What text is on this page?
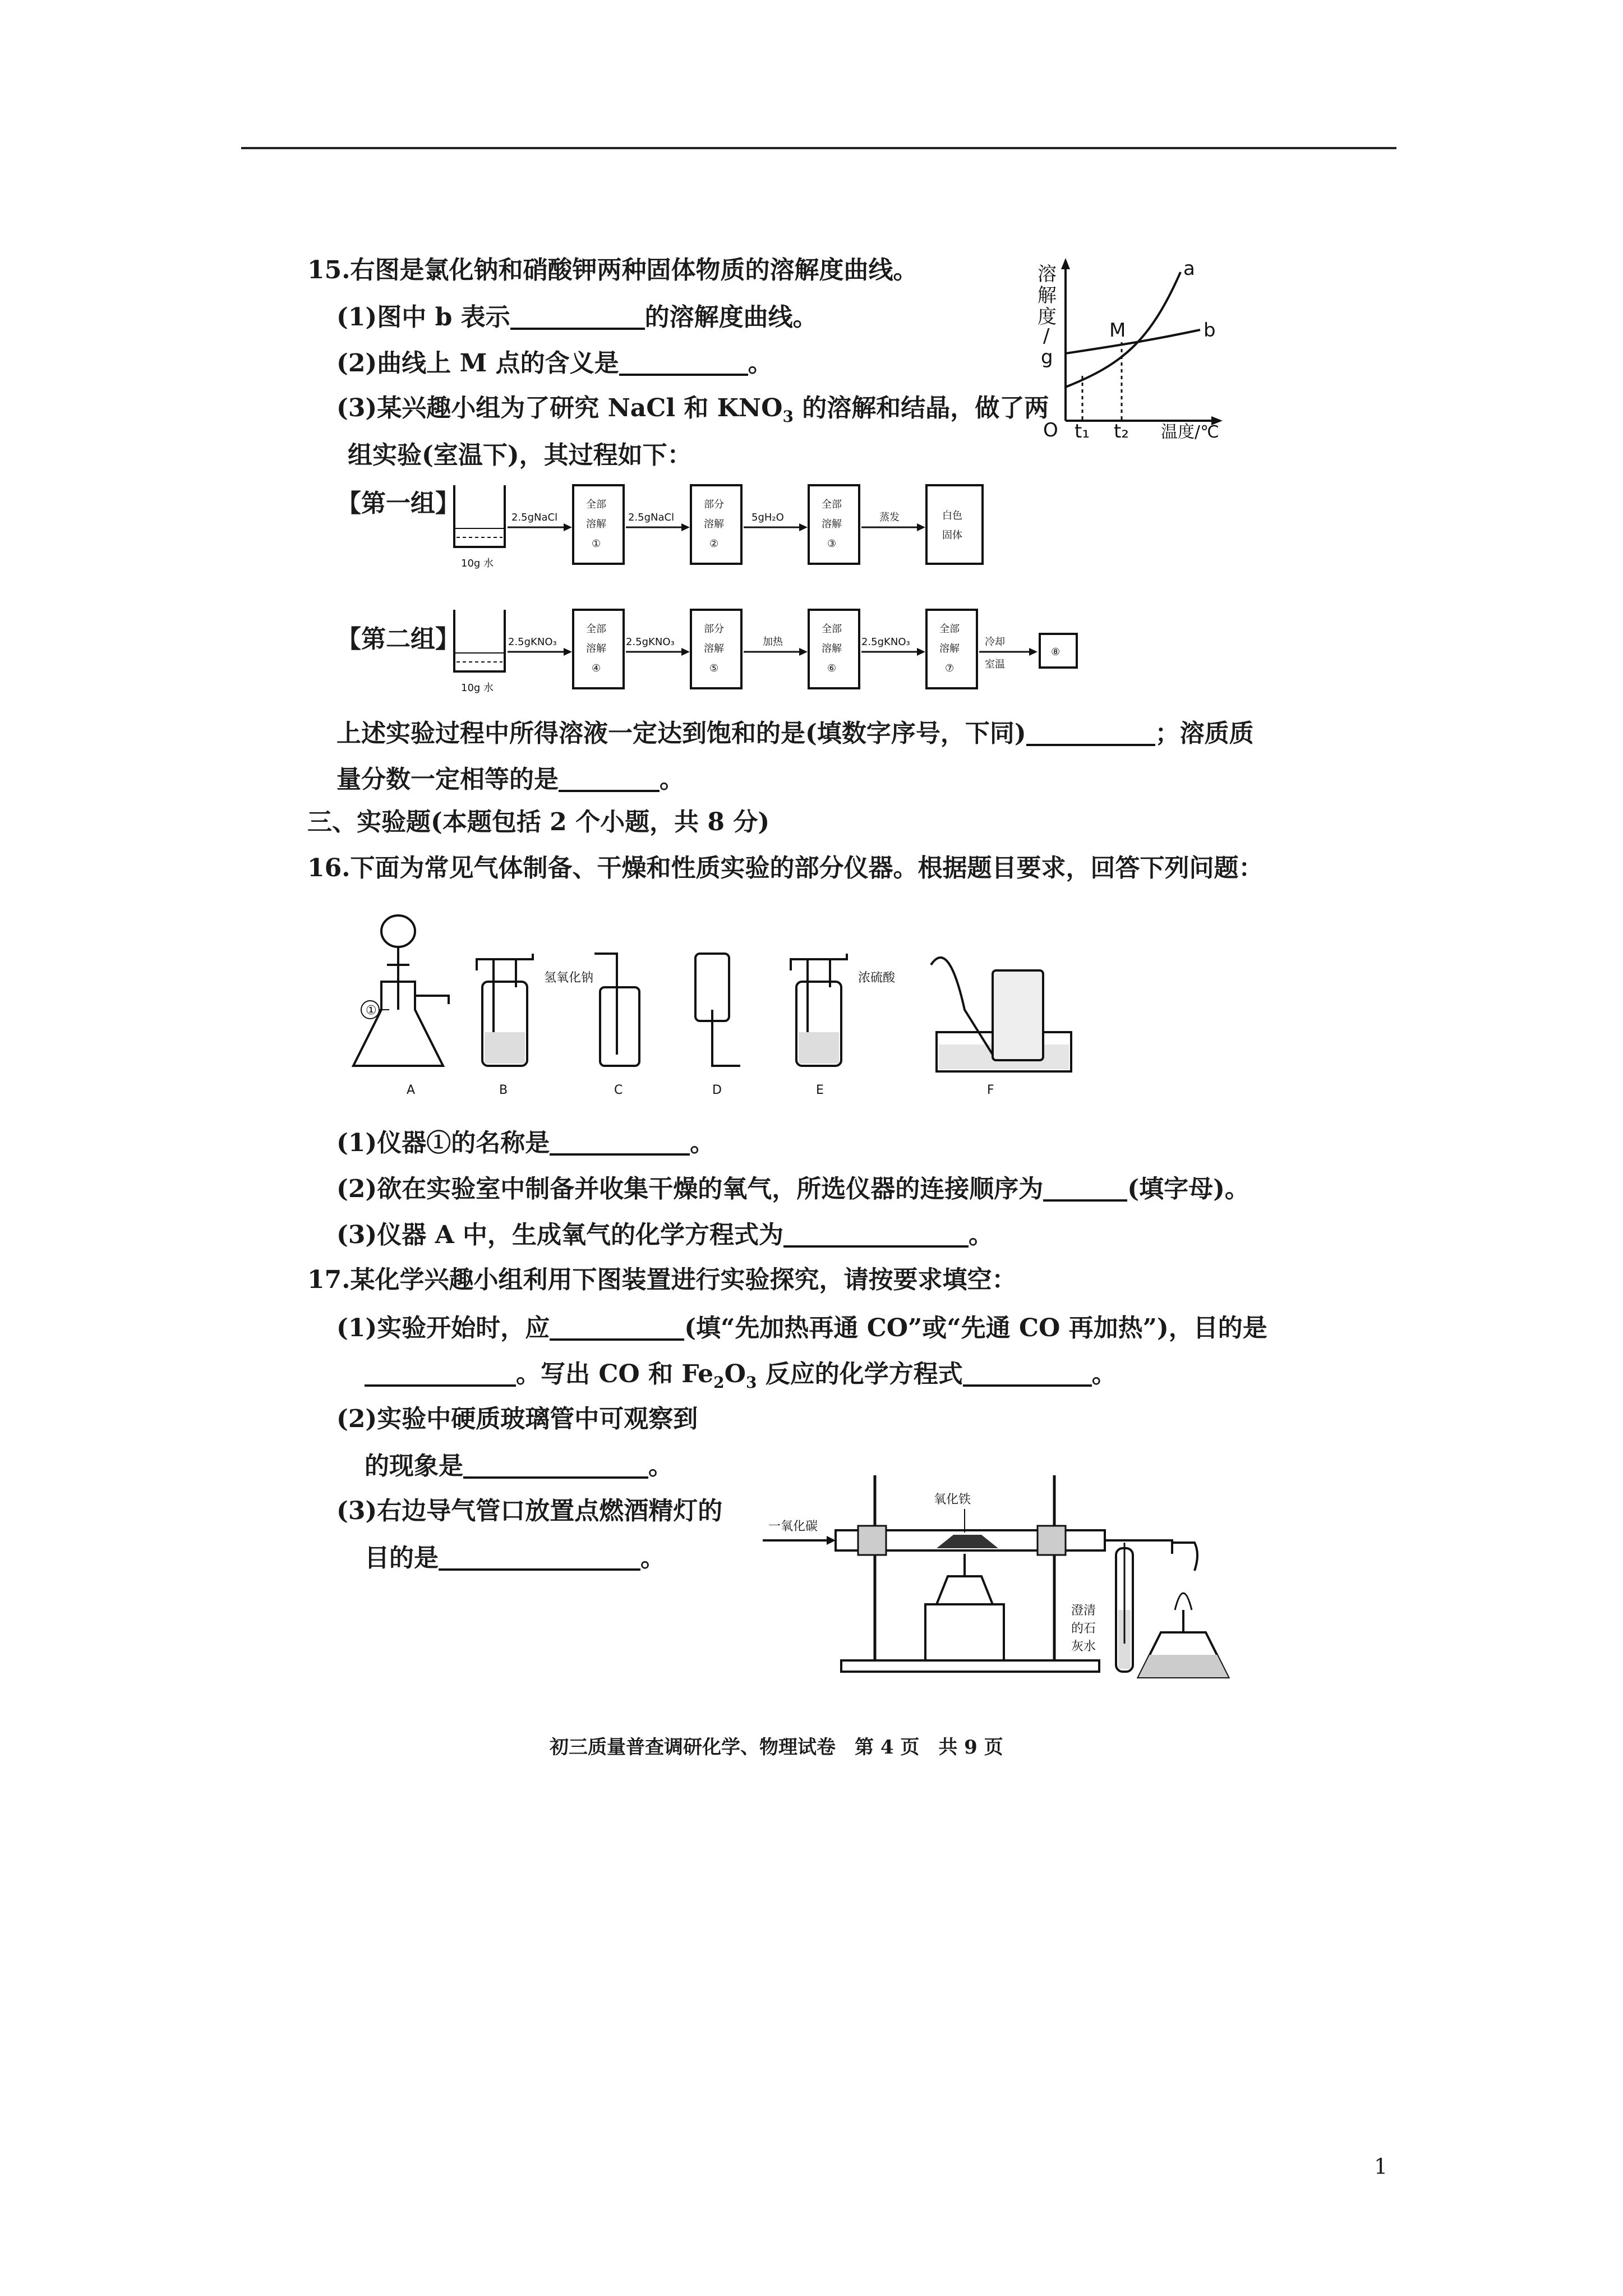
15.右图是氯化钠和硝酸钾两种固体物质的溶解度曲线。
(1)图中 b 表示	的溶解度曲线。
(2)曲线上 M 点的含义是	。
(3)某兴趣小组为了研究 NaCl 和 $KNO_3$ 的溶解和结晶，做了两
组实验(室温下)，其过程如下：
溶
解
度
/
g
a
b
M
O t₁ t₂ 温度/℃
【第一组】
10g 水
2.5gNaCl
全部
溶解
①
2.5gNaCl
部分
溶解
②
5gH₂O
全部
溶解
③
蒸发	白色
固体
【第二组】
10g 水
2.5gKNO₃
全部
溶解
④
2.5gKNO₃
部分
溶解
⑤
加热
全部
溶解
⑥
2.5gKNO₃
全部
溶解
⑦
冷却
室温
⑧
上述实验过程中所得溶液一定达到饱和的是(填数字序号，下同)	；溶质质
量分数一定相等的是	。
三、实验题(本题包括 2 个小题，共 8 分)
16.下面为常见气体制备、干燥和性质实验的部分仪器。根据题目要求，回答下列问题：
①
氢氧化钠	浓硫酸
A	B	C	D	E	F
(1)仪器①的名称是	。
(2)欲在实验室中制备并收集干燥的氧气，所选仪器的连接顺序为	(填字母)。
(3)仪器 A 中，生成氧气的化学方程式为	。
17.某化学兴趣小组利用下图装置进行实验探究，请按要求填空：
(1)实验开始时，应	(填“先加热再通 CO”或“先通 CO 再加热”)，目的是
。写出 CO 和 $Fe_2O_3$ 反应的化学方程式	。
(2)实验中硬质玻璃管中可观察到
的现象是	。
(3)右边导气管口放置点燃酒精灯的
目的是	。
一氧化碳
氧化铁
澄清
的石
灰水
初三质量普查调研化学、物理试卷　第 4 页　共 9 页
1
